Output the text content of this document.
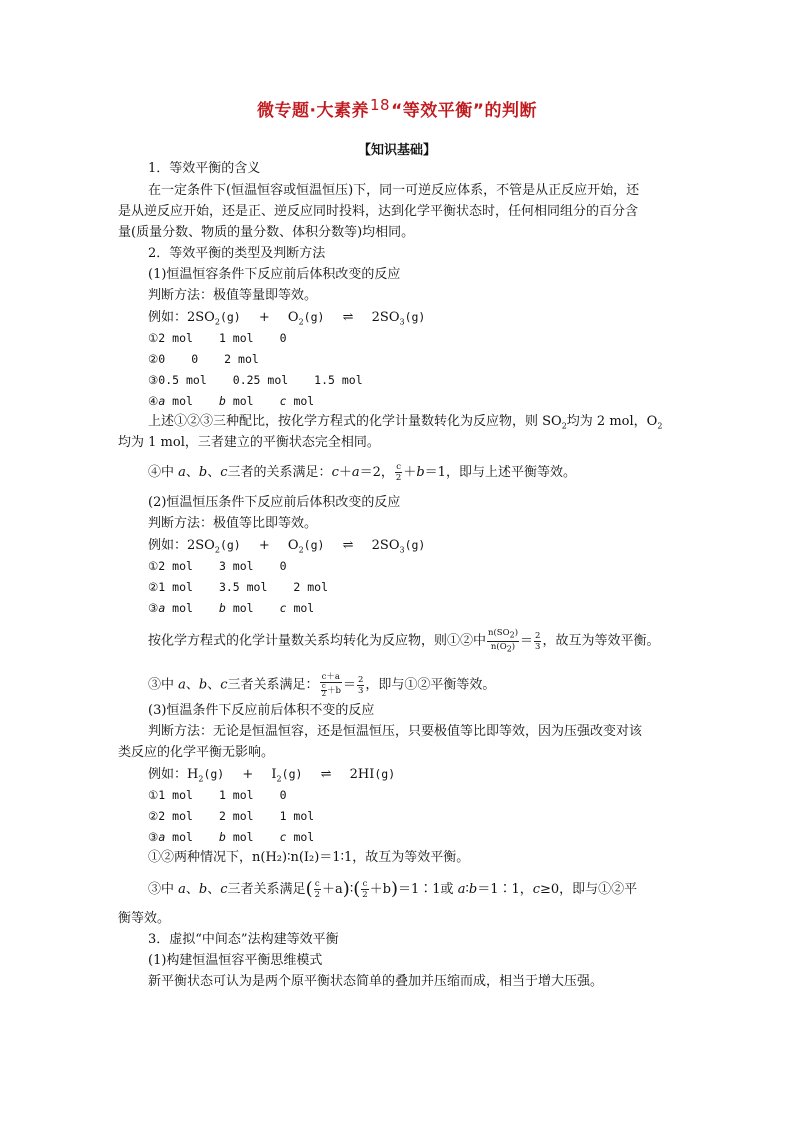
微专题·大素养18“等效平衡”的判断
【知识基础】
1．等效平衡的含义
在一定条件下(恒温恒容或恒温恒压)下，同一可逆反应体系，不管是从正反应开始，还
是从逆反应开始，还是正、逆反应同时投料，达到化学平衡状态时，任何相同组分的百分含
量(质量分数、物质的量分数、体积分数等)均相同。
2．等效平衡的类型及判断方法
(1)恒温恒容条件下反应前后体积改变的反应
判断方法：极值等量即等效。
例如：$2SO_2(g) + O_2(g)$ ⇌ $2SO_3(g)$
①2 mol 1 mol 0
②0 0 2 mol
③0.5 mol 0.25 mol 1.5 mol
④a mol b mol c mol
上述①②③三种配比，按化学方程式的化学计量数转化为反应物，则 $SO_2$均为 2 mol，$O_2$
均为 1 mol，三者建立的平衡状态完全相同。
④中 a、b、c三者的关系满足：c＋a＝2， $\frac{c}{2} +b=1$，即与上述平衡等效。
(2)恒温恒压条件下反应前后体积改变的反应
判断方法：极值等比即等效。
例如：$2SO_2(g) + O_2(g)$ ⇌ $2SO_3(g)$
①2 mol 3 mol 0
②1 mol 3.5 mol 2 mol
③a mol b mol c mol
按化学方程式的化学计量数关系均转化为反应物，则①②中 $\frac{n(SO_2)}{n(O_2)} = \frac{2}{3}$ ，故互为等效平衡。
③中 a、b、c三者关系满足： $\frac{c+a}{\frac{c}{2} +b} = \frac{2}{3}$ ，即与①②平衡等效。
(3)恒温条件下反应前后体积不变的反应
判断方法：无论是恒温恒容，还是恒温恒压，只要极值等比即等效，因为压强改变对该
类反应的化学平衡无影响。
例如：$H_2(g) + I_2(g)$ ⇌ 2HI(g)
①1 mol 1 mol 0
②2 mol 2 mol 1 mol
③a mol b mol c mol
①②两种情况下，n(H₂)∶n(I₂)＝1∶1，故互为等效平衡。
③中 a、b、c三者关系满足( $\frac{c}{2}$ ＋a)∶( $\frac{c}{2}$ ＋b)＝1∶1或 a∶b＝1∶1，c≥0，即与①②平
衡等效。
3．虚拟“中间态”法构建等效平衡
(1)构建恒温恒容平衡思维模式
新平衡状态可认为是两个原平衡状态简单的叠加并压缩而成，相当于增大压强。
